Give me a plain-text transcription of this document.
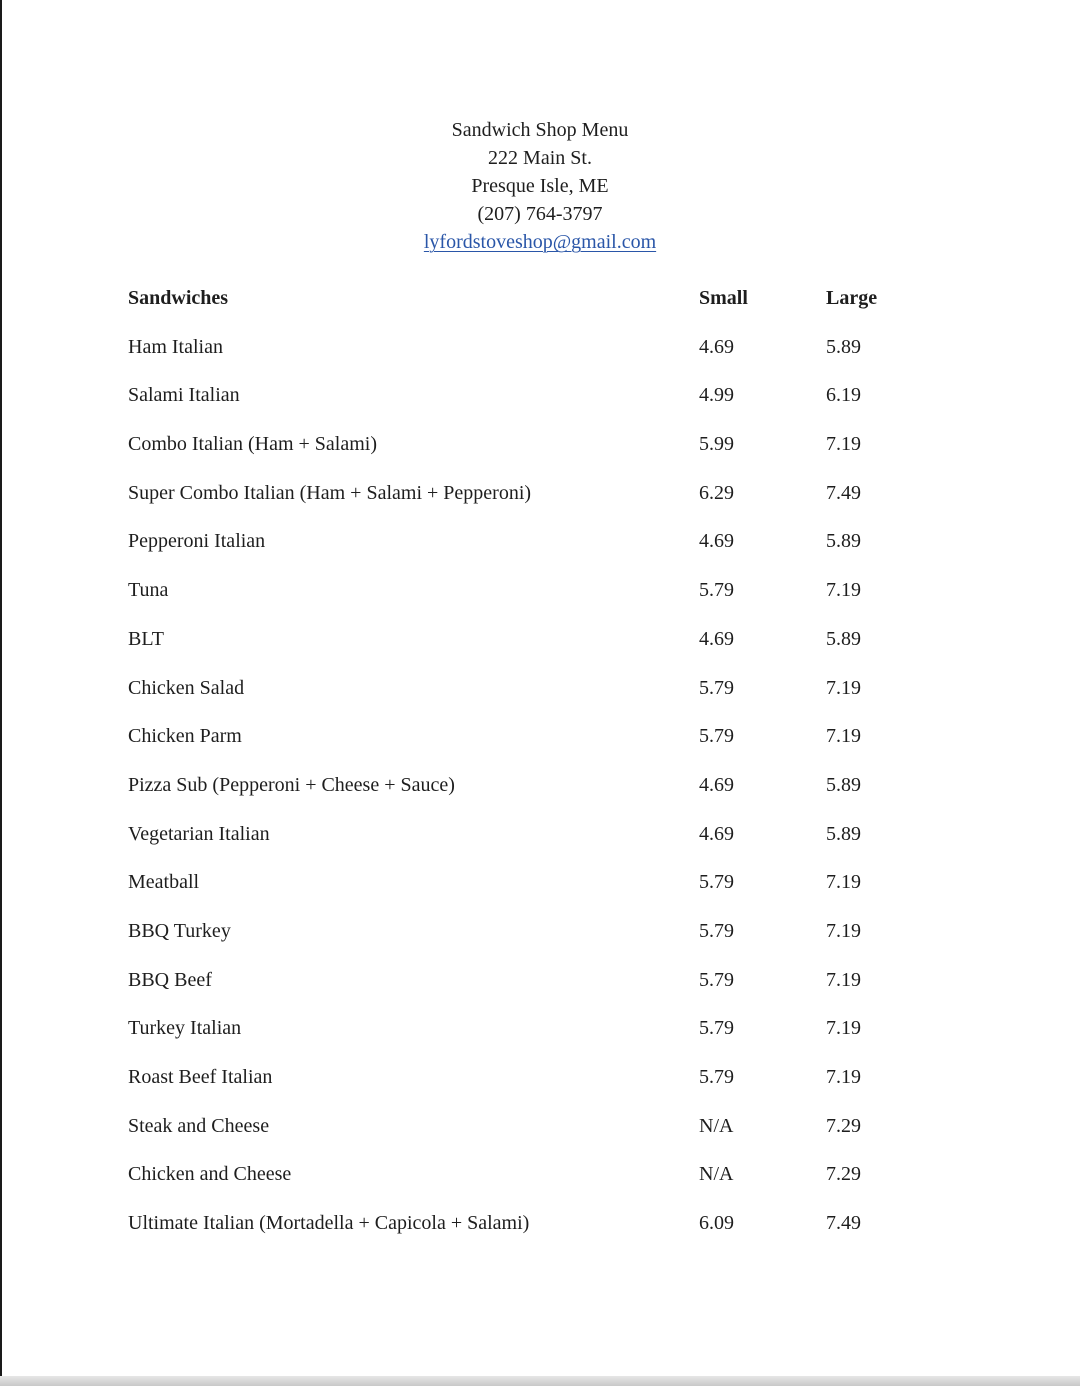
Sandwich Shop Menu
222 Main St.
Presque Isle, ME
(207) 764-3797
lyfordstoveshop@gmail.com
Sandwiches	Small	Large
Ham Italian	4.69	5.89
Salami Italian	4.99	6.19
Combo Italian (Ham + Salami)	5.99	7.19
Super Combo Italian (Ham + Salami + Pepperoni)	6.29	7.49
Pepperoni Italian	4.69	5.89
Tuna	5.79	7.19
BLT	4.69	5.89
Chicken Salad	5.79	7.19
Chicken Parm	5.79	7.19
Pizza Sub (Pepperoni + Cheese + Sauce)	4.69	5.89
Vegetarian Italian	4.69	5.89
Meatball	5.79	7.19
BBQ Turkey	5.79	7.19
BBQ Beef	5.79	7.19
Turkey Italian	5.79	7.19
Roast Beef Italian	5.79	7.19
Steak and Cheese	N/A	7.29
Chicken and Cheese	N/A	7.29
Ultimate Italian (Mortadella + Capicola + Salami)	6.09	7.49
